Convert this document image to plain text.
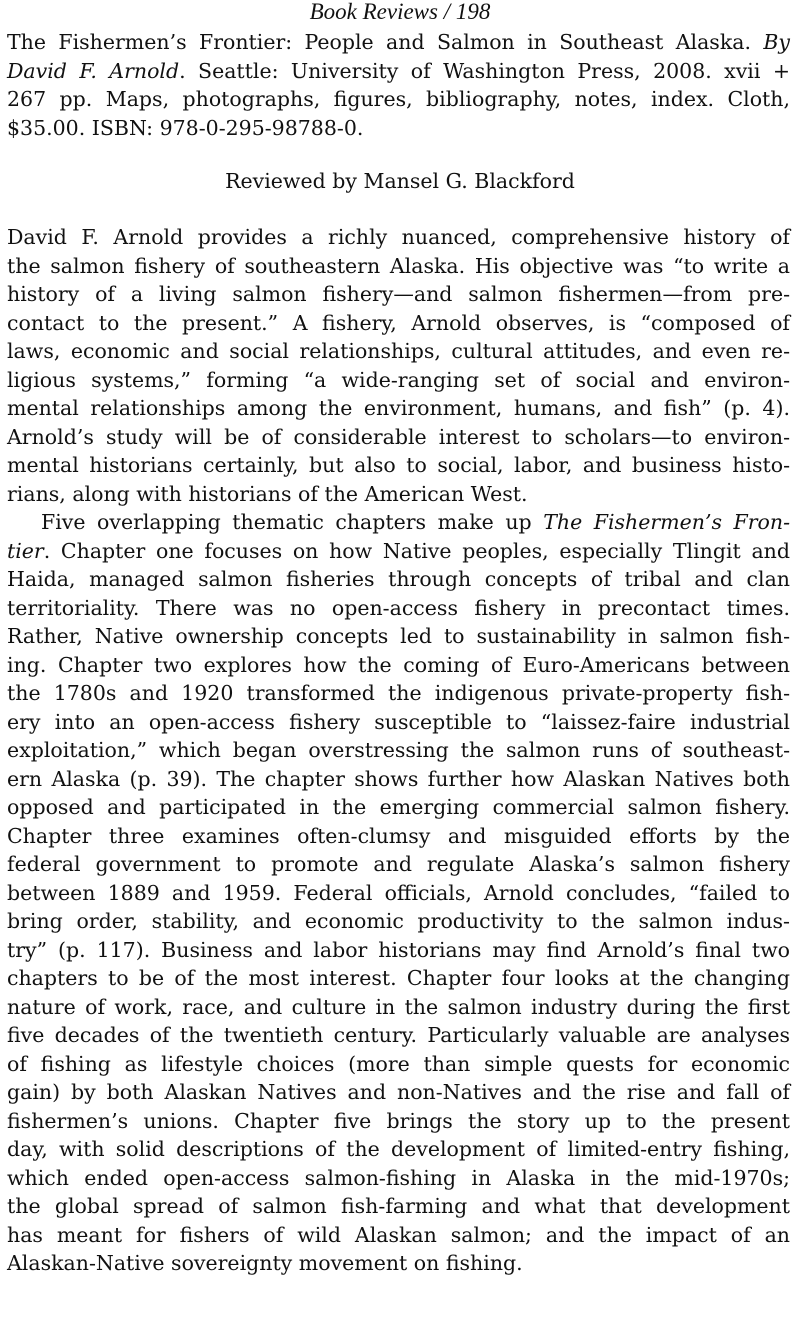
Book Reviews / 198
The Fishermen’s Frontier: People and Salmon in Southeast Alaska. By
David F. Arnold. Seattle: University of Washington Press, 2008. xvii +
267 pp. Maps, photographs, figures, bibliography, notes, index. Cloth,
$35.00. ISBN: 978-0-295-98788-0.
Reviewed by Mansel G. Blackford
David F. Arnold provides a richly nuanced, comprehensive history of
the salmon fishery of southeastern Alaska. His objective was “to write a
history of a living salmon fishery—and salmon fishermen—from pre-
contact to the present.” A fishery, Arnold observes, is “composed of
laws, economic and social relationships, cultural attitudes, and even re-
ligious systems,” forming “a wide-ranging set of social and environ-
mental relationships among the environment, humans, and fish” (p. 4).
Arnold’s study will be of considerable interest to scholars—to environ-
mental historians certainly, but also to social, labor, and business histo-
rians, along with historians of the American West.
Five overlapping thematic chapters make up The Fishermen’s Fron-
tier. Chapter one focuses on how Native peoples, especially Tlingit and
Haida, managed salmon fisheries through concepts of tribal and clan
territoriality. There was no open-access fishery in precontact times.
Rather, Native ownership concepts led to sustainability in salmon fish-
ing. Chapter two explores how the coming of Euro-Americans between
the 1780s and 1920 transformed the indigenous private-property fish-
ery into an open-access fishery susceptible to “laissez-faire industrial
exploitation,” which began overstressing the salmon runs of southeast-
ern Alaska (p. 39). The chapter shows further how Alaskan Natives both
opposed and participated in the emerging commercial salmon fishery.
Chapter three examines often-clumsy and misguided efforts by the
federal government to promote and regulate Alaska’s salmon fishery
between 1889 and 1959. Federal officials, Arnold concludes, “failed to
bring order, stability, and economic productivity to the salmon indus-
try” (p. 117). Business and labor historians may find Arnold’s final two
chapters to be of the most interest. Chapter four looks at the changing
nature of work, race, and culture in the salmon industry during the first
five decades of the twentieth century. Particularly valuable are analyses
of fishing as lifestyle choices (more than simple quests for economic
gain) by both Alaskan Natives and non-Natives and the rise and fall of
fishermen’s unions. Chapter five brings the story up to the present
day, with solid descriptions of the development of limited-entry fishing,
which ended open-access salmon-fishing in Alaska in the mid-1970s;
the global spread of salmon fish-farming and what that development
has meant for fishers of wild Alaskan salmon; and the impact of an
Alaskan-Native sovereignty movement on fishing.
